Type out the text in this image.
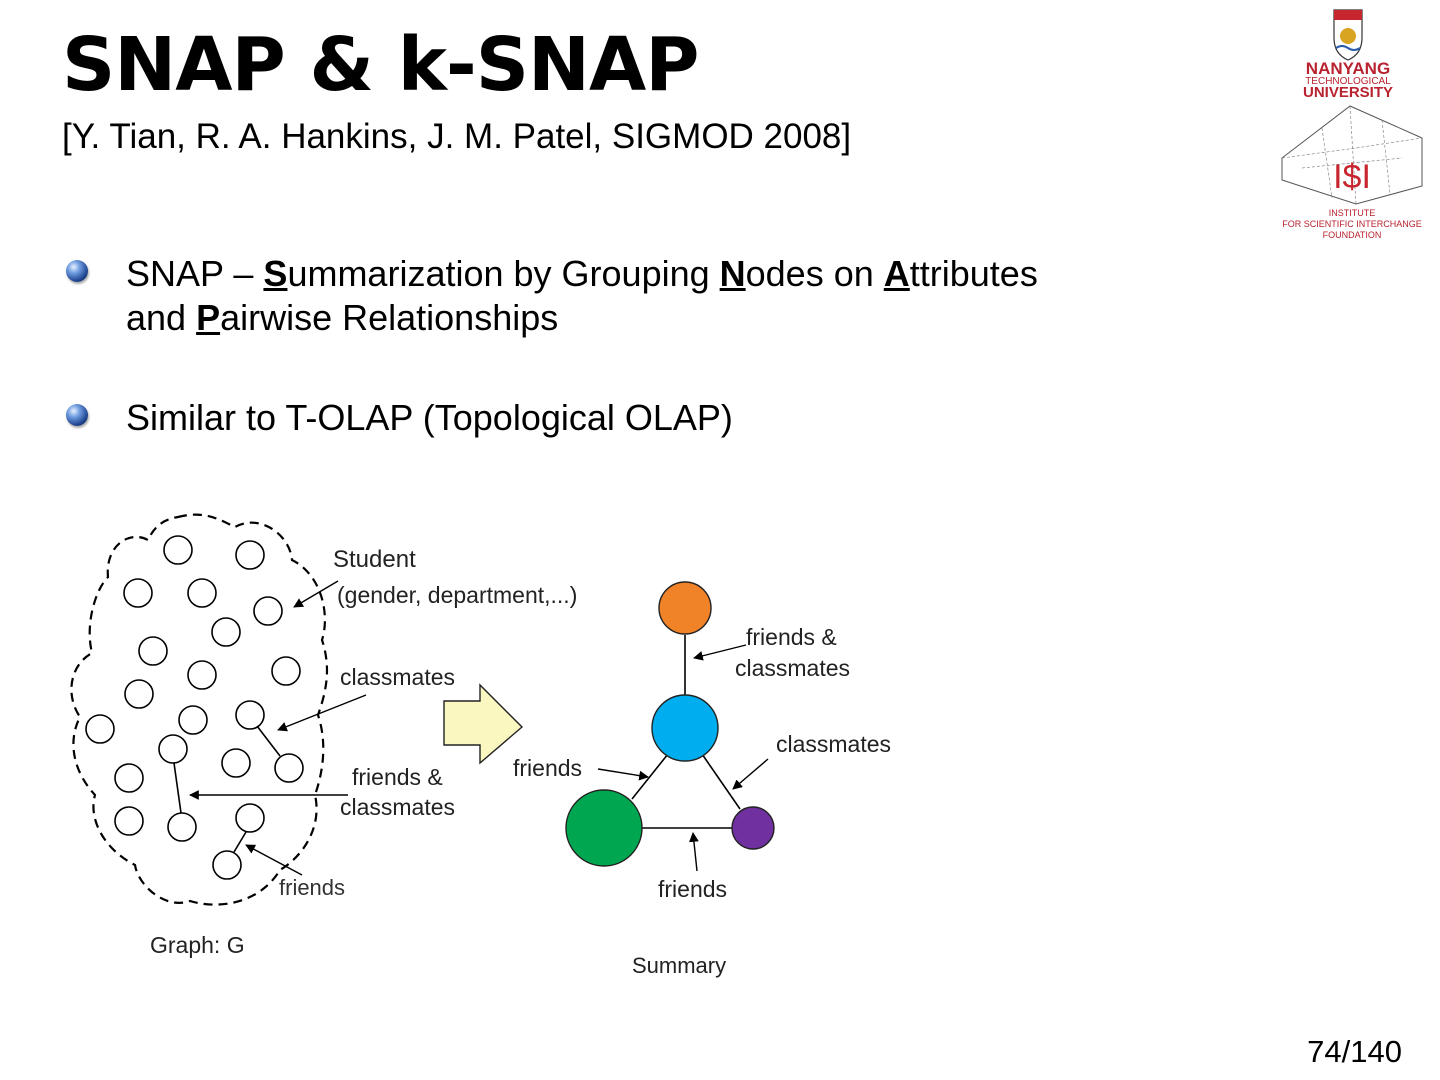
SNAP & k-SNAP
[Y. Tian, R. A. Hankins, J. M. Patel, SIGMOD 2008]
NANYANG
TECHNOLOGICAL
UNIVERSITY
I$I
INSTITUTE
FOR SCIENTIFIC INTERCHANGE
FOUNDATION
SNAP – Summarization by Grouping Nodes on Attributes
and Pairwise Relationships
Similar to T-OLAP (Topological OLAP)
Student
(gender, department,...)
classmates
friends &
classmates
friends
Graph: G
friends &
classmates
classmates
friends
friends
Summary
74/140
